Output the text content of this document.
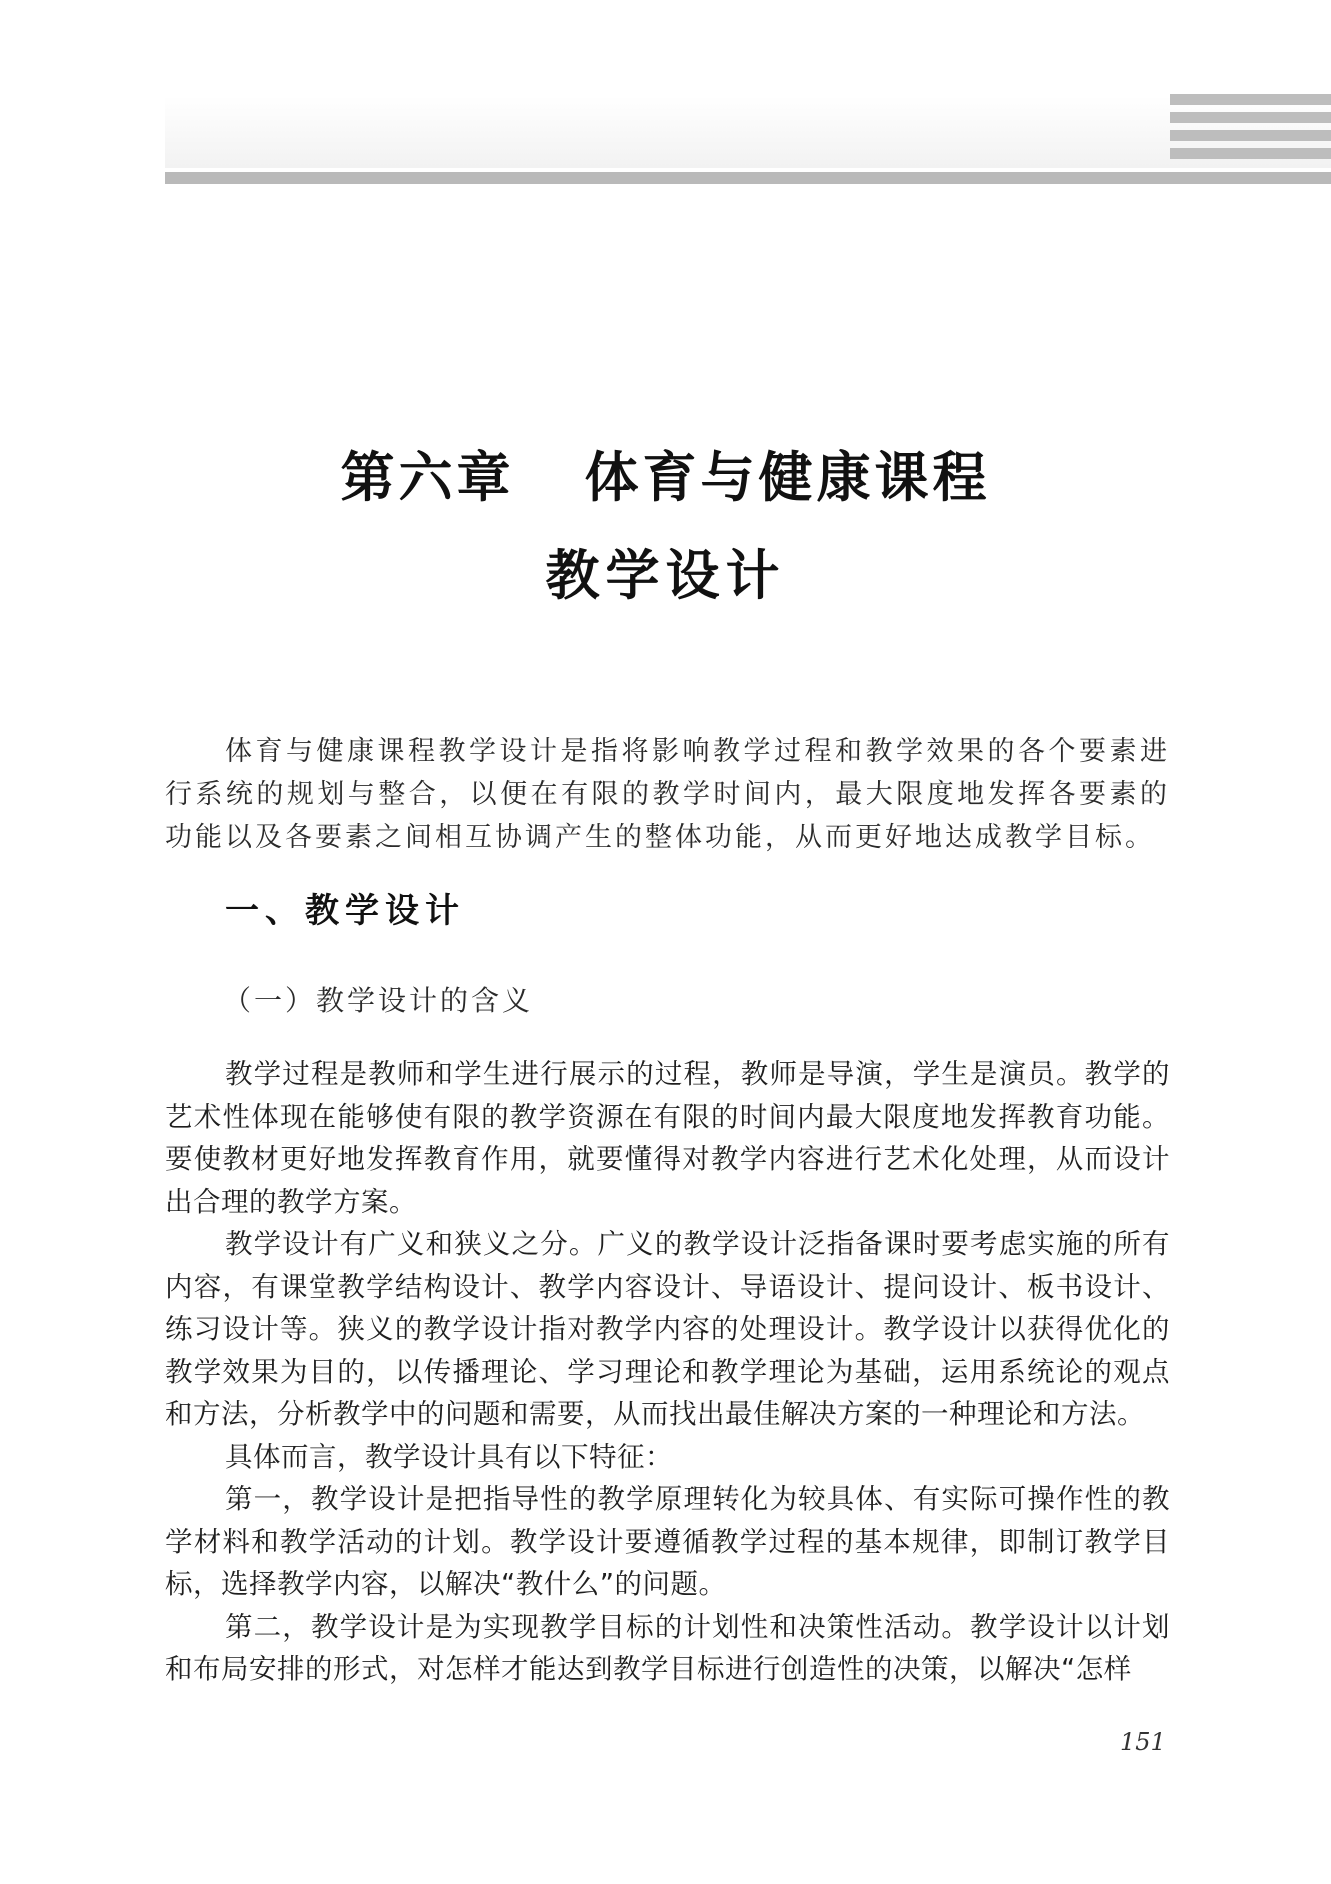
第六章 体育与健康课程
教学设计

体育与健康课程教学设计是指将影响教学过程和教学效果的各个要素进行系统的规划与整合，以便在有限的教学时间内，最大限度地发挥各要素的功能以及各要素之间相互协调产生的整体功能，从而更好地达成教学目标。

一、教学设计
（一）教学设计的含义

教学过程是教师和学生进行展示的过程，教师是导演，学生是演员。教学的艺术性体现在能够使有限的教学资源在有限的时间内最大限度地发挥教育功能。要使教材更好地发挥教育作用，就要懂得对教学内容进行艺术化处理，从而设计出合理的教学方案。

教学设计有广义和狭义之分。广义的教学设计泛指备课时要考虑实施的所有内容，有课堂教学结构设计、教学内容设计、导语设计、提问设计、板书设计、练习设计等。狭义的教学设计指对教学内容的处理设计。教学设计以获得优化的教学效果为目的，以传播理论、学习理论和教学理论为基础，运用系统论的观点和方法，分析教学中的问题和需要，从而找出最佳解决方案的一种理论和方法。

具体而言，教学设计具有以下特征：

第一，教学设计是把指导性的教学原理转化为较具体、有实际可操作性的教学材料和教学活动的计划。教学设计要遵循教学过程的基本规律，即制订教学目标，选择教学内容，以解决“教什么”的问题。

第二，教学设计是为实现教学目标的计划性和决策性活动。教学设计以计划和布局安排的形式，对怎样才能达到教学目标进行创造性的决策，以解决“怎样

151
